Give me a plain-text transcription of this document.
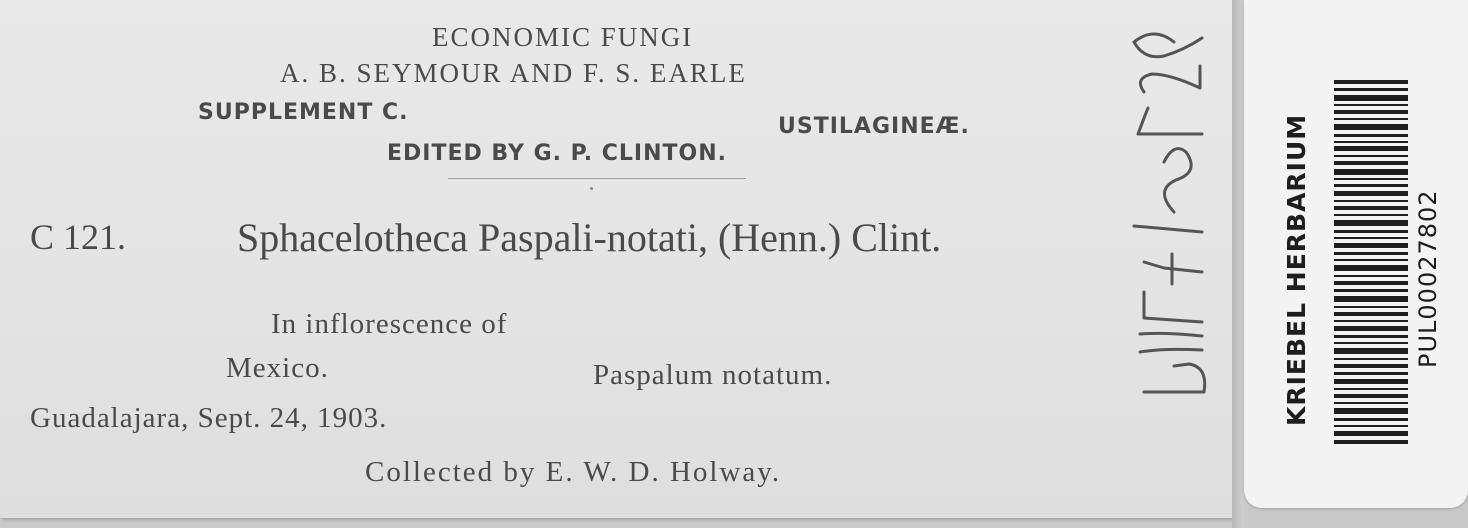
ECONOMIC FUNGI
A. B. SEYMOUR AND F. S. EARLE
SUPPLEMENT C.
USTILAGINEÆ.
EDITED BY G. P. CLINTON.
C 121.	Sphacelotheca Paspali-notati, (Henn.) Clint.
In inflorescence of
Mexico.	Paspalum notatum.
Guadalajara, Sept. 24, 1903.
Collected by E. W. D. Holway.
KRIEBEL HERBARIUM	PUL00027802
